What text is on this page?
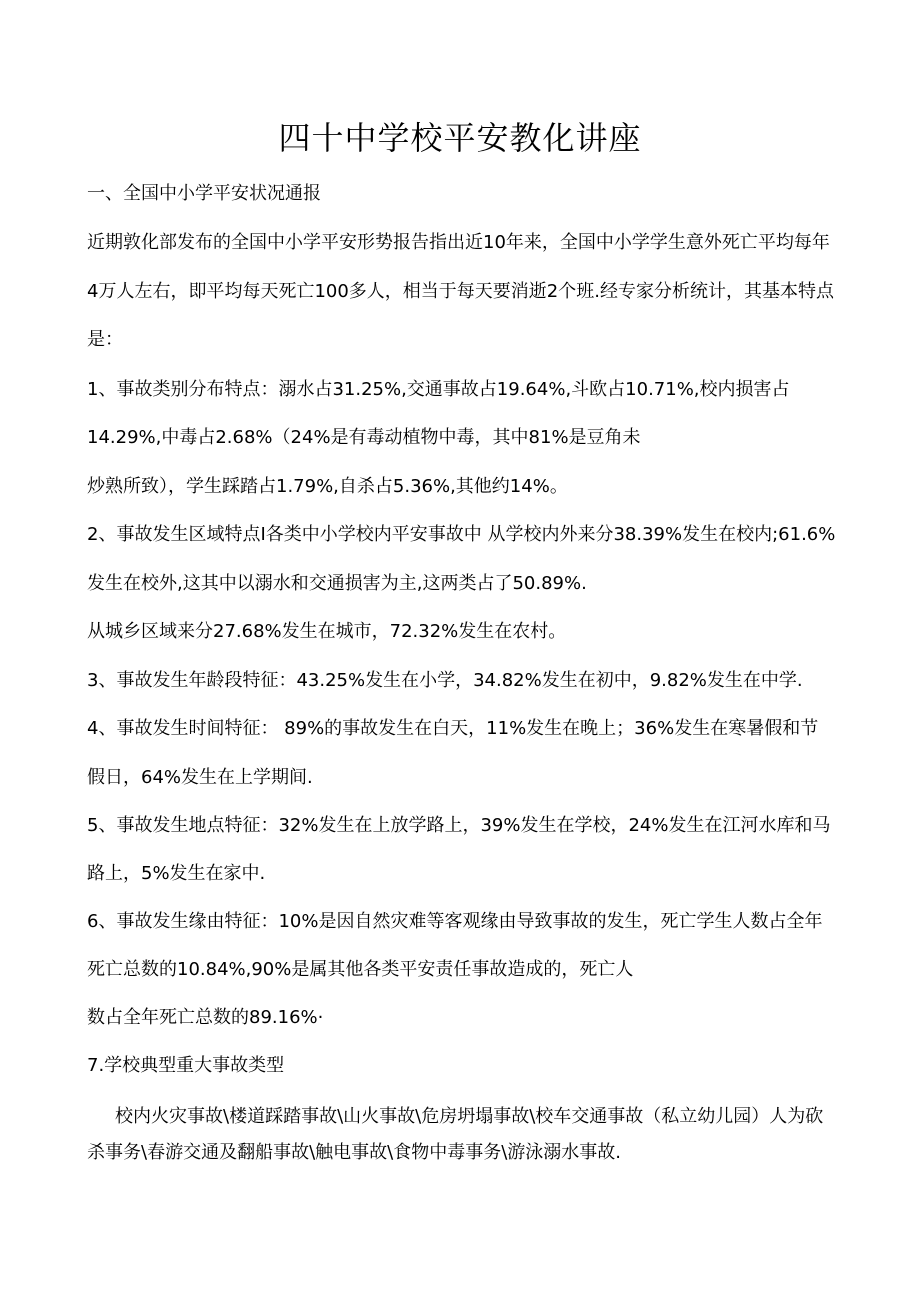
四十中学校平安教化讲座
一、全国中小学平安状况通报
近期敦化部发布的全国中小学平安形势报告指出近10年来，全国中小学学生意外死亡平均每年
4万人左右，即平均每天死亡100多人，相当于每天要消逝2个班.经专家分析统计，其基本特点
是：
1、事故类别分布特点：溺水占31.25%,交通事故占19.64%,斗欧占10.71%,校内损害占
14.29%,中毒占2.68%（24%是有毒动植物中毒，其中81%是豆角未
炒熟所致），学生踩踏占1.79%,自杀占5.36%,其他约14%。
2、事故发生区域特点I各类中小学校内平安事故中 从学校内外来分38.39%发生在校内;61.6%
发生在校外,这其中以溺水和交通损害为主,这两类占了50.89%.
从城乡区域来分27.68%发生在城市，72.32%发生在农村。
3、事故发生年龄段特征：43.25%发生在小学，34.82%发生在初中，9.82%发生在中学.
4、事故发生时间特征： 89%的事故发生在白天，11%发生在晚上；36%发生在寒暑假和节
假日，64%发生在上学期间.
5、事故发生地点特征：32%发生在上放学路上，39%发生在学校，24%发生在江河水库和马
路上，5%发生在家中.
6、事故发生缘由特征：10%是因自然灾难等客观缘由导致事故的发生，死亡学生人数占全年
死亡总数的10.84%,90%是属其他各类平安责任事故造成的，死亡人
数占全年死亡总数的89.16%·
7.学校典型重大事故类型
校内火灾事故\楼道踩踏事故\山火事故\危房坍塌事故\校车交通事故（私立幼儿园）人为砍
杀事务\春游交通及翻船事故\触电事故\食物中毒事务\游泳溺水事故.
